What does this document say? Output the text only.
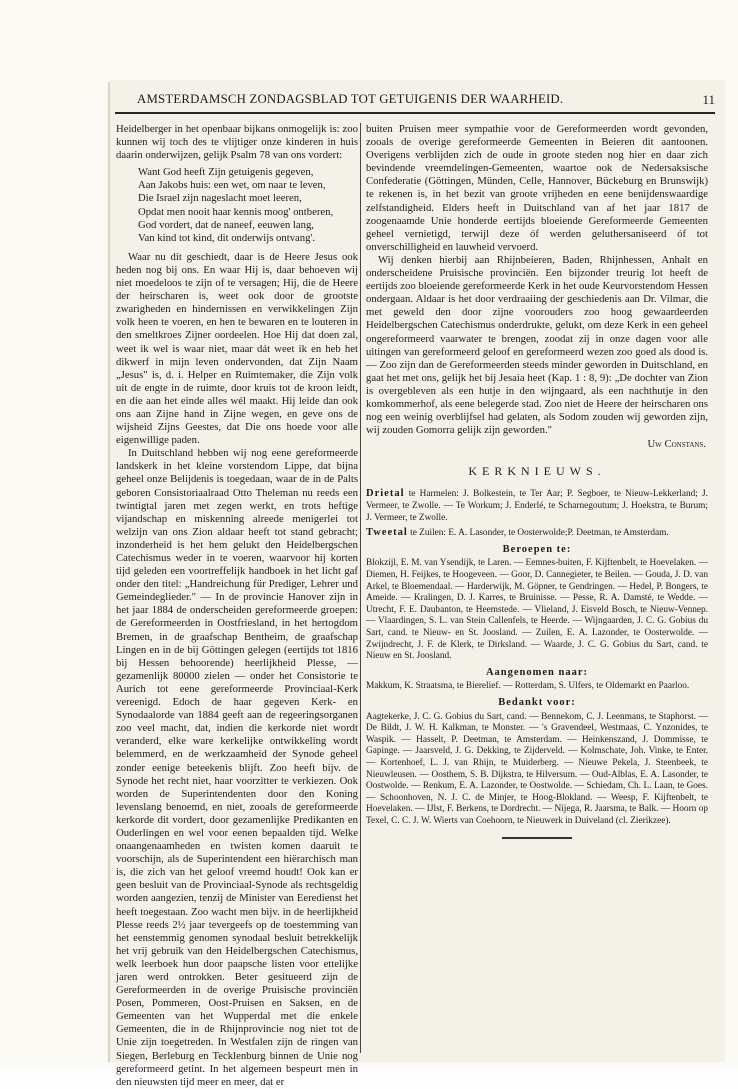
AMSTERDAMSCH ZONDAGSBLAD TOT GETUIGENIS DER WAARHEID.	11

Heidelberger in het openbaar bijkans onmogelijk is: zoo kunnen wij toch des te vlijtiger onze kinderen in huis daarin onderwijzen, gelijk Psalm 78 van ons vordert:

Want God heeft Zijn getuigenis gegeven,
Aan Jakobs huis: een wet, om naar te leven,
Die Israel zijn nageslacht moet leeren,
Opdat men nooit haar kennis moog' ontberen,
God vordert, dat de naneef, eeuwen lang,
Van kind tot kind, dit onderwijs ontvang'.

Waar nu dit geschiedt, daar is de Heere Jesus ook heden nog bij ons. En waar Hij is, daar behoeven wij niet moedeloos te zijn of te versagen; Hij, die de Heere der heirscharen is, weet ook door de grootste zwarigheden en hindernissen en verwikkelingen Zijn volk heen te voeren, en hen te bewaren en te louteren in den smeltkroes Zijner oordeelen. Hoe Hij dat doen zal, weet ik wel is waar niet, maar dát weet ik en heb het dikwerf in mijn leven ondervonden, dat Zijn Naam „Jesus" is, d. i. Helper en Ruimtemaker, die Zijn volk uit de engte in de ruimte, door kruis tot de kroon leidt, en die aan het einde alles wél maakt. Hij leide dan ook ons aan Zijne hand in Zijne wegen, en geve ons de wijsheid Zijns Geestes, dat Die ons hoede voor alle eigenwillige paden.

In Duitschland hebben wij nog eene gereformeerde landskerk in het kleine vorstendom Lippe, dat bijna geheel onze Belijdenis is toegedaan, waar de in de Palts geboren Consistoriaalraad Otto Theleman nu reeds een twintigtal jaren met zegen werkt, en trots heftige vijandschap en miskenning alreede menigerlei tot welzijn van ons Zion aldaar heeft tot stand gebracht; inzonderheid is het hem gelukt den Heidelbergschen Catechismus weder in te voeren, waarvoor hij korten tijd geleden een voortreffelijk handboek in het licht gaf onder den titel: „Handreichung für Prediger, Lehrer und Gemeindeglieder." — In de provincie Hanover zijn in het jaar 1884 de onderscheiden gereformeerde groepen: de Gereformeerden in Oostfriesland, in het hertogdom Bremen, in de graafschap Bentheim, de graafschap Lingen en in de bij Göttingen gelegen (eertijds tot 1816 bij Hessen behoorende) heerlijkheid Plesse, — gezamenlijk 80000 zielen — onder het Consistorie te Aurich tot eene gereformeerde Provinciaal-Kerk vereenigd. Edoch de haar gegeven Kerk- en Synodaalorde van 1884 geeft aan de regeeringsorganen zoo veel macht, dat, indien die kerkorde niet wordt veranderd, elke ware kerkelijke ontwikkeling wordt belemmerd, en de werkzaamheid der Synode geheel zonder eenige beteekenis blijft. Zoo heeft bijv. de Synode het recht niet, haar voorzitter te verkiezen. Ook worden de Superintendenten door den Koning levenslang benoemd, en niet, zooals de gereformeerde kerkorde dit vordert, door gezamenlijke Predikanten en Ouderlingen en wel voor eenen bepaalden tijd. Welke onaangenaamheden en twisten komen daaruit te voorschijn, als de Superintendent een hiërarchisch man is, die zich van het geloof vreemd houdt! Ook kan er geen besluit van de Provinciaal-Synode als rechtsgeldig worden aangezien, tenzij de Minister van Eeredienst het heeft toegestaan. Zoo wacht men bijv. in de heerlijkheid Plesse reeds 2½ jaar tevergeefs op de toestemming van het eenstemmig genomen synodaal besluit betrekkelijk het vrij gebruik van den Heidelbergschen Catechismus, welk leerboek hun door paapsche listen voor ettelijke jaren werd ontrokken. Beter gesitueerd zijn de Gereformeerden in de overige Pruisische provinciën Posen, Pommeren, Oost-Pruisen en Saksen, en de Gemeenten van het Wupperdal met die enkele Gemeenten, die in de Rhijnprovincie nog niet tot de Unie zijn toegetreden. In Westfalen zijn de ringen van Siegen, Berleburg en Tecklenburg binnen de Unie nog gereformeerd getint. In het algemeen bespeurt men in den nieuwsten tijd meer en meer, dat er

buiten Pruisen meer sympathie voor de Gereformeerden wordt gevonden, zooals de overige gereformeerde Gemeenten in Beieren dit aantoonen. Overigens verblijden zich de oude in groote steden nog hier en daar zich bevindende vreemdelingen-Gemeenten, waartoe ook de Nedersaksische Confederatie (Göttingen, Münden, Celle, Hannover, Bückeburg en Brunswijk) te rekenen is, in het bezit van groote vrijheden en eene benijdenswaardige zelfstandigheid. Elders heeft in Duitschland van af het jaar 1817 de zoogenaamde Unie honderde eertijds bloeiende Gereformeerde Gemeenten geheel vernietigd, terwijl deze óf werden geluthersaniseerd óf tot onverschilligheid en lauwheid vervoerd.

Wij denken hierbij aan Rhijnbeieren, Baden, Rhijnhessen, Anhalt en onderscheidene Pruisische provinciën. Een bijzonder treurig lot heeft de eertijds zoo bloeiende gereformeerde Kerk in het oude Keurvorstendom Hessen ondergaan. Aldaar is het door verdraaiing der geschiedenis aan Dr. Vilmar, die met geweld den door zijne voorouders zoo hoog gewaardeerden Heidelbergschen Catechismus onderdrukte, gelukt, om deze Kerk in een geheel ongereformeerd vaarwater te brengen, zoodat zij in onze dagen voor alle uitingen van gereformeerd geloof en gereformeerd wezen zoo goed als dood is. — Zoo zijn dan de Gereformeerden steeds minder geworden in Duitschland, en gaat het met ons, gelijk het bij Jesaia heet (Kap. 1 : 8, 9): „De dochter van Zion is overgebleven als een hutje in den wijngaard, als een nachthutje in den komkommerhof, als eene belegerde stad. Zoo niet de Heere der heirscharen ons nog een weinig overblijfsel had gelaten, als Sodom zouden wij geworden zijn, wij zouden Gomorra gelijk zijn geworden."

Uw Constans.
KERKNIEUWS.

Drietal te Harmelen: J. Bolkestein, te Ter Aar; P. Segboer, te Nieuw-Lekkerland; J. Vermeer, te Zwolle. — Te Workum; J. Enderlé, te Scharnegoutum; J. Hoekstra, te Burum; J. Vermeer, te Zwolle.

Tweetal te Zuilen: E. A. Lasonder, te Oosterwolde;P. Deetman, te Amsterdam.

Beroepen te:

Blokzijl, E. M. van Ysendijk, te Laren. — Eemnes-buiten, F. Kijftenbelt, te Hoevelaken. — Diemen, H. Feijkes, te Hoogeveen. — Goor, D. Cannegieter, te Beilen. — Gouda, J. D. van Arkel, te Bloemendaal. — Harderwijk, M. Göpner, te Gendringen. — Hedel, P. Bongers, te Ameide. — Kralingen, D. J. Karres, te Bruinisse. — Pesse, R. A. Damsté, te Wedde. — Utrecht, F. E. Daubanton, te Heemstede. — Vlieland, J. Eisveld Bosch, te Nieuw-Vennep. — Vlaardingen, S. L. van Stein Callenfels, te Heerde. — Wijngaarden, J. C. G. Gobius du Sart, cand. te Nieuw- en St. Joosland. — Zuilen, E. A. Lazonder, te Oosterwolde. — Zwijndrecht, J. F. de Klerk, te Dirksland. — Waarde, J. C. G. Gobius du Sart, cand. te Nieuw en St. Joosland.

Aangenomen naar:

Makkum, K. Straatsma, te Bierelief. — Rotterdam, S. Ulfers, te Oldemarkt en Paarloo.

Bedankt voor:

Aagtekerke, J. C. G. Gobius du Sart, cand. — Bennekom, C. J. Leenmans, te Staphorst. — De Bildt, J. W. H. Kalkman, te Monster. — 's Gravendeel, Westmaas, C. Ynzonides, te Waspik. — Hasselt, P. Deetman, te Amsterdam. — Heinkenszand, J. Dommisse, te Gapinge. — Jaarsveld, J. G. Dekking, te Zijderveld. — Kolmschate, Joh. Vinke, te Enter. — Kortenhoef, L. J. van Rhijn, te Muiderberg. — Nieuwe Pekela, J. Steenbeek, te Nieuwleusen. — Oosthem, S. B. Dijkstra, te Hilversum. — Oud-Alblas, E. A. Lasonder, te Oostwolde. — Renkum, E. A. Lazonder, te Oostwolde. — Schiedam, Ch. L. Laan, te Goes. — Schoonhoven, N. J. C. de Minjer, te Hoog-Blokland. — Weesp, F. Kijftenbelt, te Hoevelaken. — IJlst, F. Berkens, te Dordrecht. — Nijega, R. Jaarsma, te Balk. — Hoorn op Texel, C. C. J. W. Wierts van Coehoorn, te Nieuwerk in Duiveland (cl. Zierikzee).
